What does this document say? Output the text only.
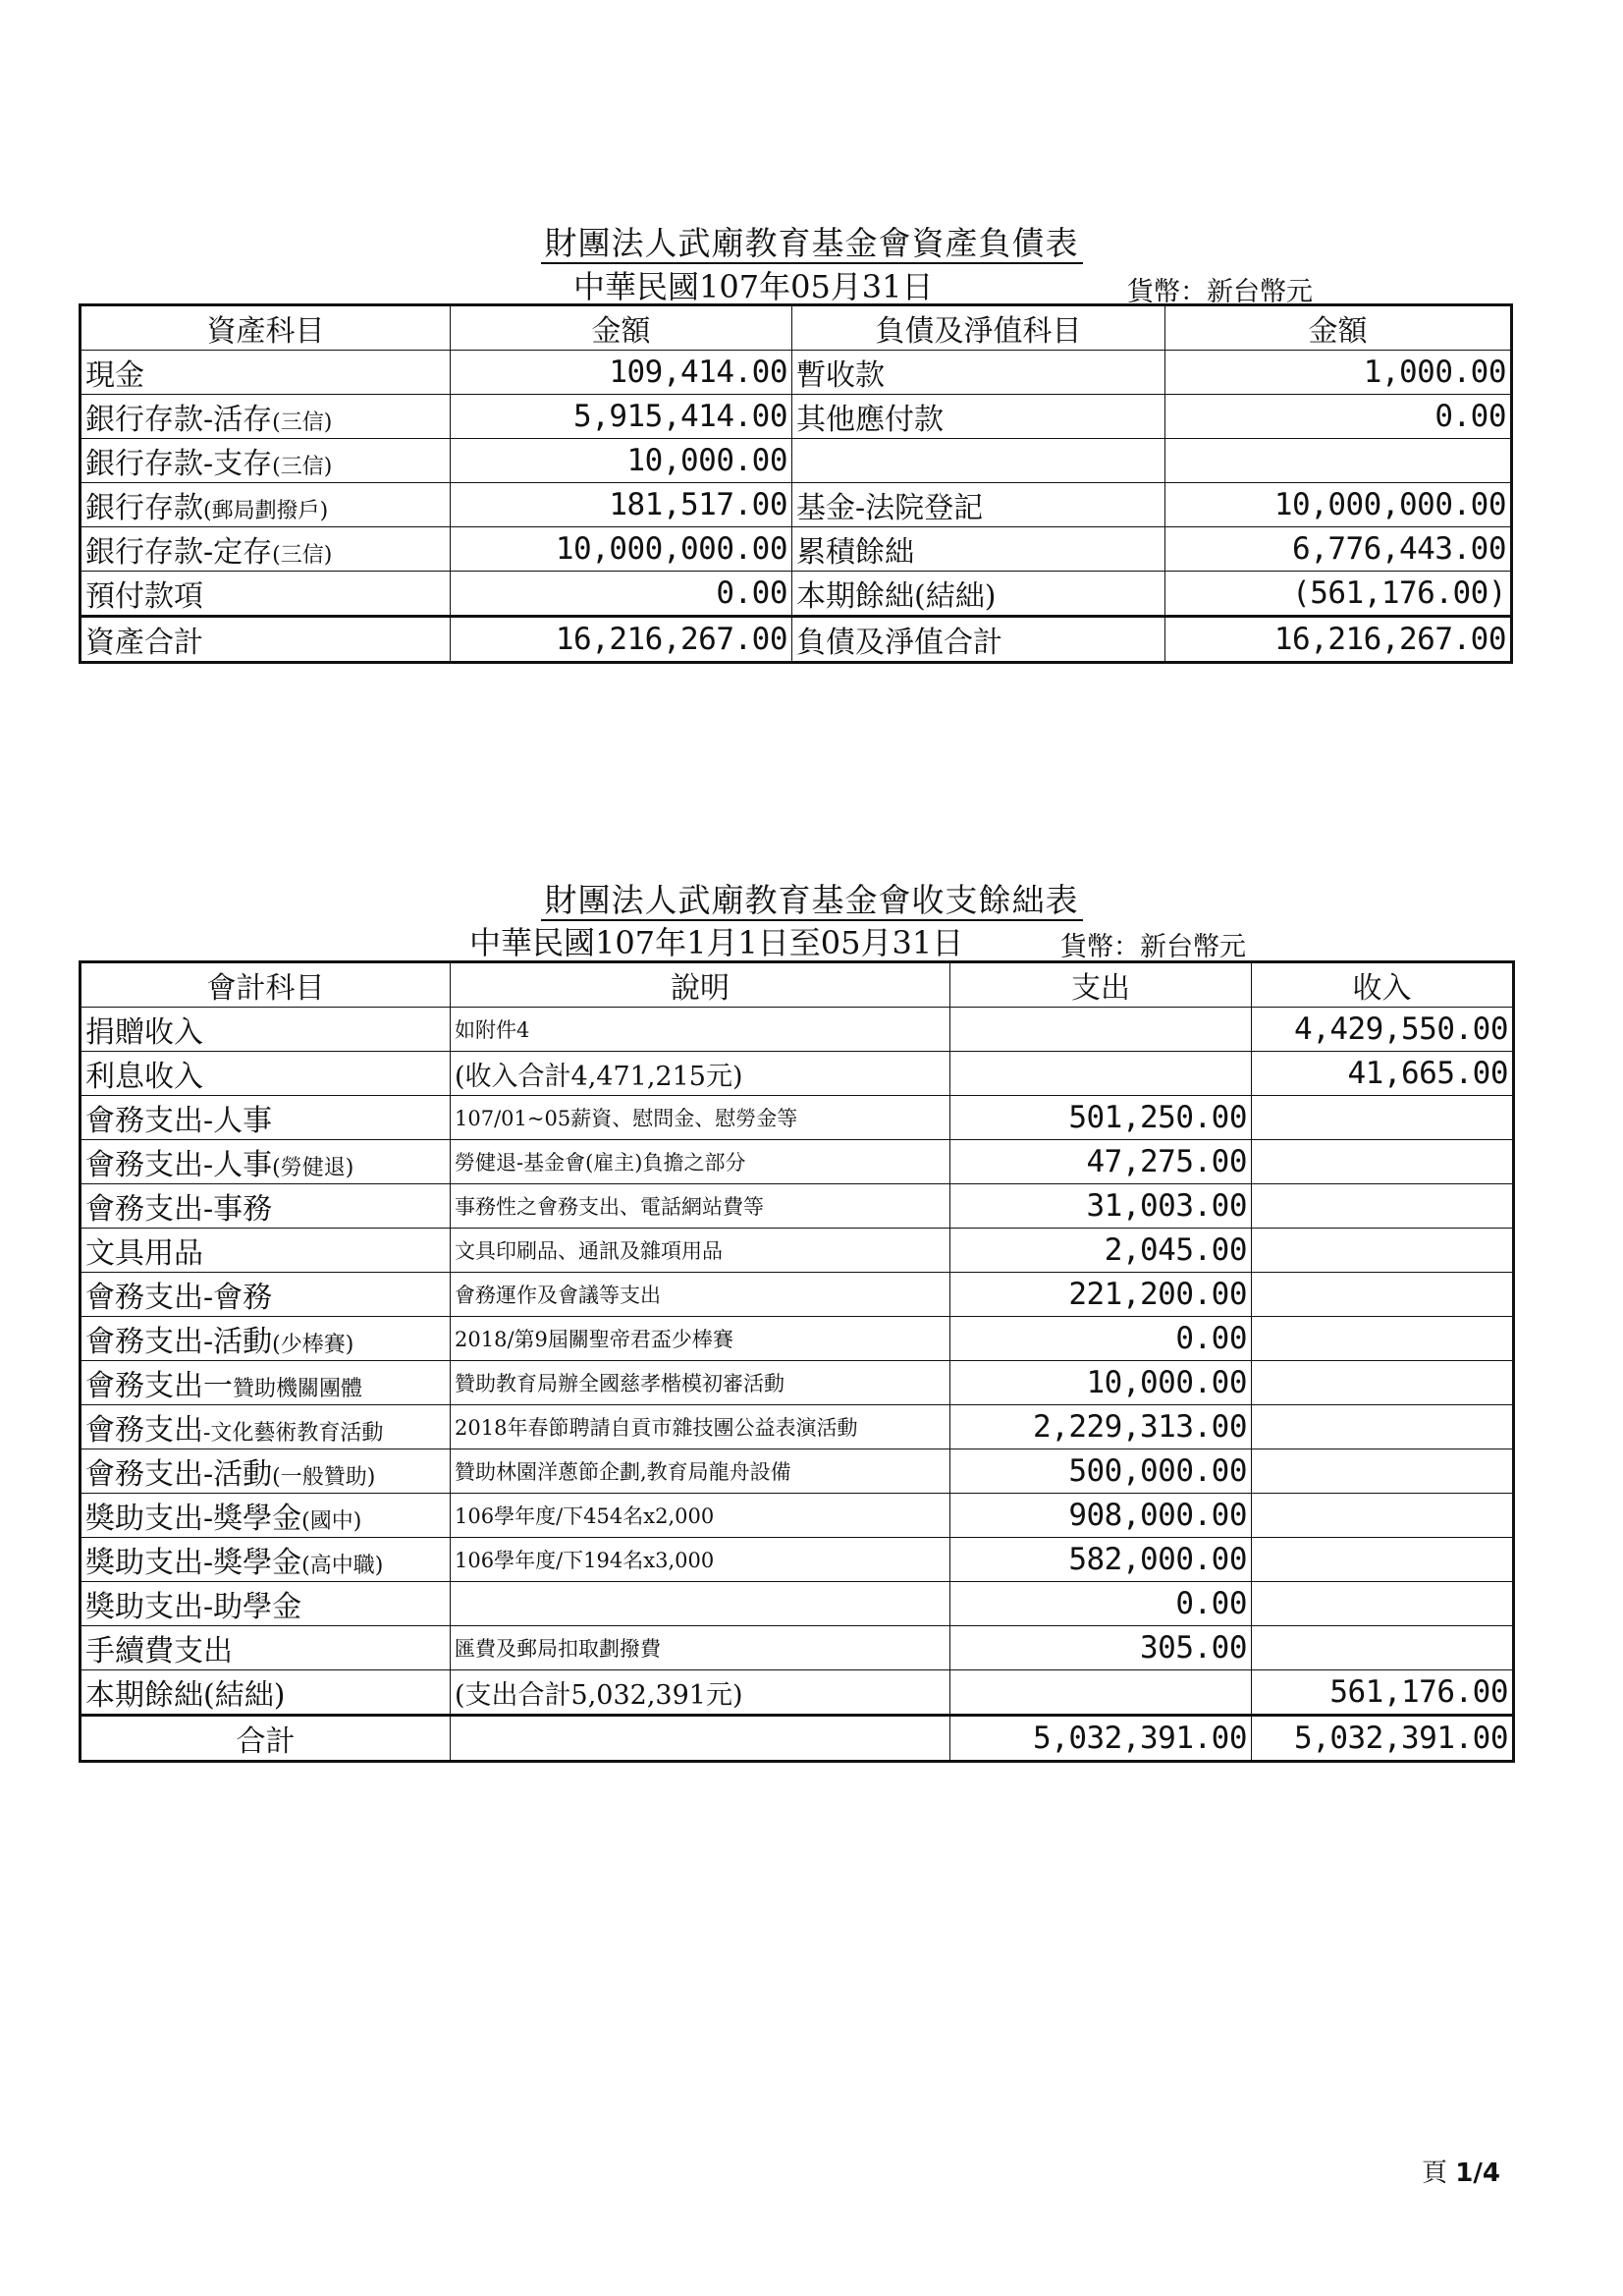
財團法人武廟教育基金會資產負債表
中華民國107年05月31日	貨幣：新台幣元
資產科目	金額	負債及淨值科目	金額
現金	109,414.00	暫收款	1,000.00
銀行存款-活存(三信)	5,915,414.00	其他應付款	0.00
銀行存款-支存(三信)	10,000.00		
銀行存款(郵局劃撥戶)	181,517.00	基金-法院登記	10,000,000.00
銀行存款-定存(三信)	10,000,000.00	累積餘絀	6,776,443.00
預付款項	0.00	本期餘絀(結絀)	(561,176.00)
資產合計	16,216,267.00	負債及淨值合計	16,216,267.00
財團法人武廟教育基金會收支餘絀表
中華民國107年1月1日至05月31日	貨幣：新台幣元
會計科目	說明	支出	收入
捐贈收入	如附件4		4,429,550.00
利息收入	(收入合計4,471,215元)		41,665.00
會務支出-人事	107/01~05薪資、慰問金、慰勞金等	501,250.00	
會務支出-人事(勞健退)	勞健退-基金會(雇主)負擔之部分	47,275.00	
會務支出-事務	事務性之會務支出、電話網站費等	31,003.00	
文具用品	文具印刷品、通訊及雜項用品	2,045.00	
會務支出-會務	會務運作及會議等支出	221,200.00	
會務支出-活動(少棒賽)	2018/第9屆關聖帝君盃少棒賽	0.00	
會務支出一贊助機關團體	贊助教育局辦全國慈孝楷模初審活動	10,000.00	
會務支出-文化藝術教育活動	2018年春節聘請自貢市雜技團公益表演活動	2,229,313.00	
會務支出-活動(一般贊助)	贊助林園洋蔥節企劃,教育局龍舟設備	500,000.00	
獎助支出-獎學金(國中)	106學年度/下454名x2,000	908,000.00	
獎助支出-獎學金(高中職)	106學年度/下194名x3,000	582,000.00	
獎助支出-助學金		0.00	
手續費支出	匯費及郵局扣取劃撥費	305.00	
本期餘絀(結絀)	(支出合計5,032,391元)		561,176.00
合計		5,032,391.00	5,032,391.00
頁 1/4
